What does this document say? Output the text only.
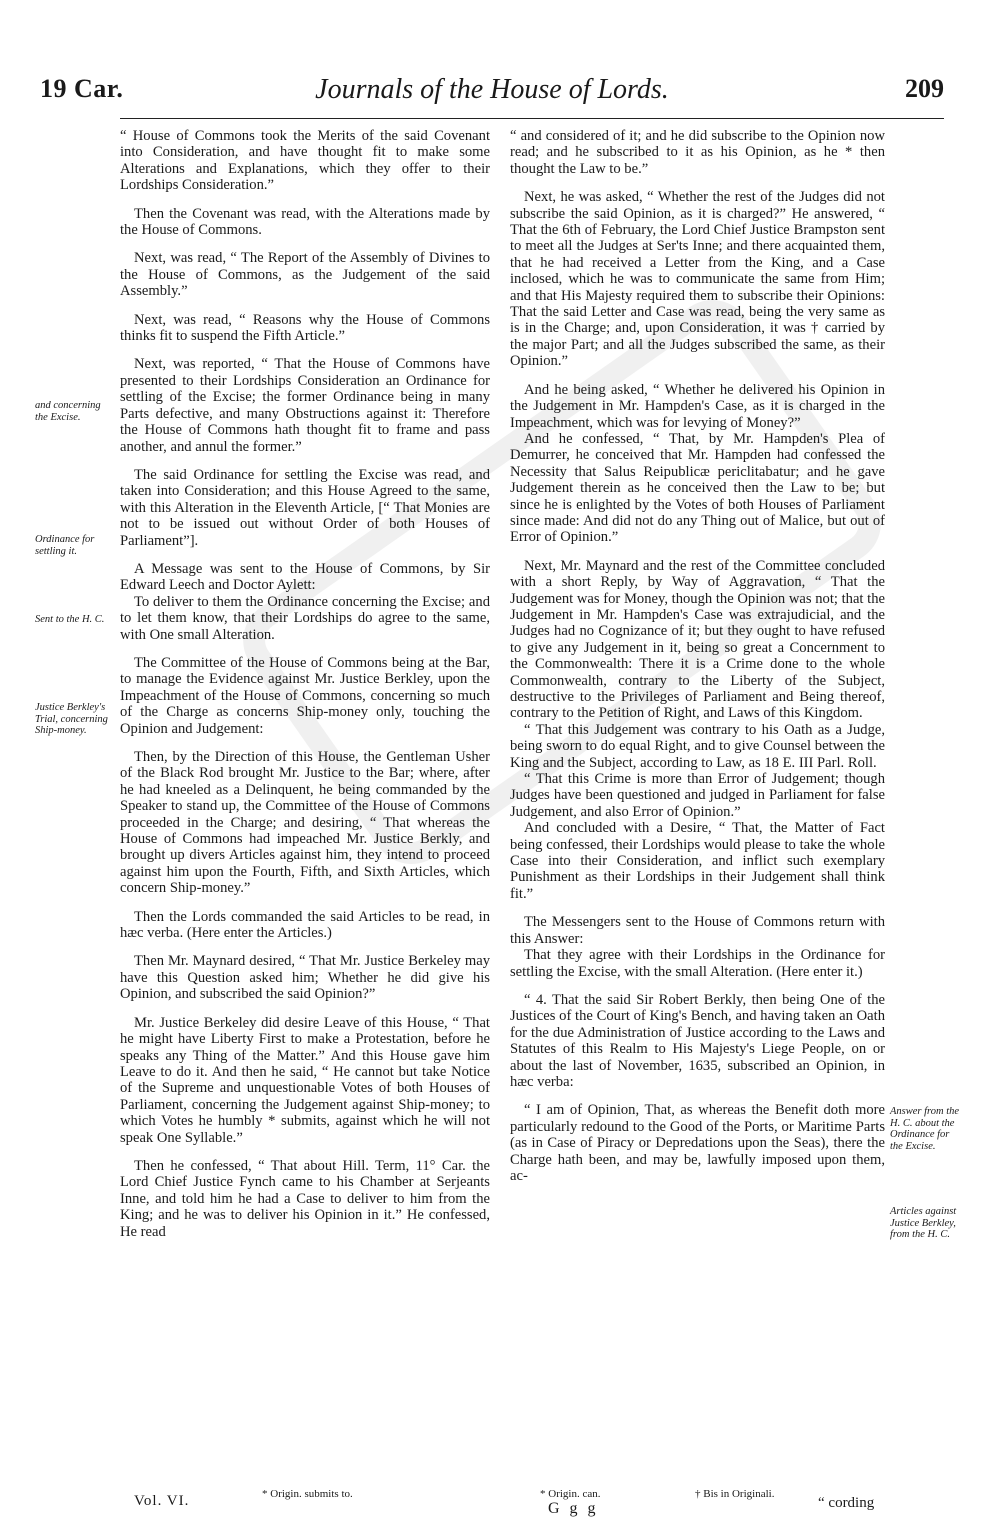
19 Car.	Journals of the House of Lords.	209

“ House of Commons took the Merits of the said Covenant into Consideration, and have thought fit to make some Alterations and Explanations, which they offer to their Lordships Consideration.”

Then the Covenant was read, with the Alterations made by the House of Commons.

Next, was read, “ The Report of the Assembly of Divines to the House of Commons, as the Judgement of the said Assembly.”

Next, was read, “ Reasons why the House of Commons thinks fit to suspend the Fifth Article.”

Next, was reported, “ That the House of Commons have presented to their Lordships Consideration an Ordinance for settling of the Excise; the former Ordinance being in many Parts defective, and many Obstructions against it: Therefore the House of Commons hath thought fit to frame and pass another, and annul the former.”

The said Ordinance for settling the Excise was read, and taken into Consideration; and this House Agreed to the same, with this Alteration in the Eleventh Article, [“ That Monies are not to be issued out without Order of both Houses of Parliament”].

A Message was sent to the House of Commons, by Sir Edward Leech and Doctor Aylett:

To deliver to them the Ordinance concerning the Excise; and to let them know, that their Lordships do agree to the same, with One small Alteration.

The Committee of the House of Commons being at the Bar, to manage the Evidence against Mr. Justice Berkley, upon the Impeachment of the House of Commons, concerning so much of the Charge as concerns Ship-money only, touching the Opinion and Judgement:

Then, by the Direction of this House, the Gentleman Usher of the Black Rod brought Mr. Justice to the Bar; where, after he had kneeled as a Delinquent, he being commanded by the Speaker to stand up, the Committee of the House of Commons proceeded in the Charge; and desiring, “ That whereas the House of Commons had impeached Mr. Justice Berkly, and brought up divers Articles against him, they intend to proceed against him upon the Fourth, Fifth, and Sixth Articles, which concern Ship-money.”

Then the Lords commanded the said Articles to be read, in hæc verba. (Here enter the Articles.)

Then Mr. Maynard desired, “ That Mr. Justice Berkeley may have this Question asked him; Whether he did give his Opinion, and subscribed the said Opinion?”

Mr. Justice Berkeley did desire Leave of this House, “ That he might have Liberty First to make a Protestation, before he speaks any Thing of the Matter.” And this House gave him Leave to do it. And then he said, “ He cannot but take Notice of the Supreme and unquestionable Votes of both Houses of Parliament, concerning the Judgement against Ship-money; to which Votes he humbly * submits, against which he will not speak One Syllable.”

Then he confessed, “ That about Hill. Term, 11° Car. the Lord Chief Justice Fynch came to his Chamber at Serjeants Inne, and told him he had a Case to deliver to him from the King; and he was to deliver his Opinion in it.” He confessed, He read

“ and considered of it; and he did subscribe to the Opinion now read; and he subscribed to it as his Opinion, as he * then thought the Law to be.”

Next, he was asked, “ Whether the rest of the Judges did not subscribe the said Opinion, as it is charged?” He answered, “ That the 6th of February, the Lord Chief Justice Brampston sent to meet all the Judges at Ser'ts Inne; and there acquainted them, that he had received a Letter from the King, and a Case inclosed, which he was to communicate the same from Him; and that His Majesty required them to subscribe their Opinions: That the said Letter and Case was read, being the very same as is in the Charge; and, upon Consideration, it was † carried by the major Part; and all the Judges subscribed the same, as their Opinion.”

And he being asked, “ Whether he delivered his Opinion in the Judgement in Mr. Hampden's Case, as it is charged in the Impeachment, which was for levying of Money?”

And he confessed, “ That, by Mr. Hampden's Plea of Demurrer, he conceived that Mr. Hampden had confessed the Necessity that Salus Reipublicæ periclitabatur; and he gave Judgement therein as he conceived then the Law to be; but since he is enlighted by the Votes of both Houses of Parliament since made: And did not do any Thing out of Malice, but out of Error of Opinion.”

Next, Mr. Maynard and the rest of the Committee concluded with a short Reply, by Way of Aggravation, “ That the Judgement was for Money, though the Opinion was not; that the Judgement in Mr. Hampden's Case was extrajudicial, and the Judges had no Cognizance of it; but they ought to have refused to give any Judgement in it, being so great a Concernment to the Commonwealth: There it is a Crime done to the whole Commonwealth, contrary to the Liberty of the Subject, destructive to the Privileges of Parliament and Being thereof, contrary to the Petition of Right, and Laws of this Kingdom.

“ That this Judgement was contrary to his Oath as a Judge, being sworn to do equal Right, and to give Counsel between the King and the Subject, according to Law, as 18 E. III Parl. Roll.

“ That this Crime is more than Error of Judgement; though Judges have been questioned and judged in Parliament for false Judgement, and also Error of Opinion.”

And concluded with a Desire, “ That, the Matter of Fact being confessed, their Lordships would please to take the whole Case into their Consideration, and inflict such exemplary Punishment as their Lordships in their Judgement shall think fit.”

The Messengers sent to the House of Commons return with this Answer:

That they agree with their Lordships in the Ordinance for settling the Excise, with the small Alteration. (Here enter it.)

“ 4. That the said Sir Robert Berkly, then being One of the Justices of the Court of King's Bench, and having taken an Oath for the due Administration of Justice according to the Laws and Statutes of this Realm to His Majesty's Liege People, on or about the last of November, 1635, subscribed an Opinion, in hæc verba:

“ I am of Opinion, That, as whereas the Benefit doth more particularly redound to the Good of the Ports, or Maritime Parts (as in Case of Piracy or Depredations upon the Seas), there the Charge hath been, and may be, lawfully imposed upon them, ac-

and concerning the Excise.
Ordinance for settling it.
Sent to the H. C.
Justice Berkley's Trial, concerning Ship-money.
Answer from the H. C. about the Ordinance for the Excise.
Articles against Justice Berkley, from the H. C.
Vol. VI.	* Origin. submits to.	* Origin. can.	† Bis in Originali.
G g g	“ cording
